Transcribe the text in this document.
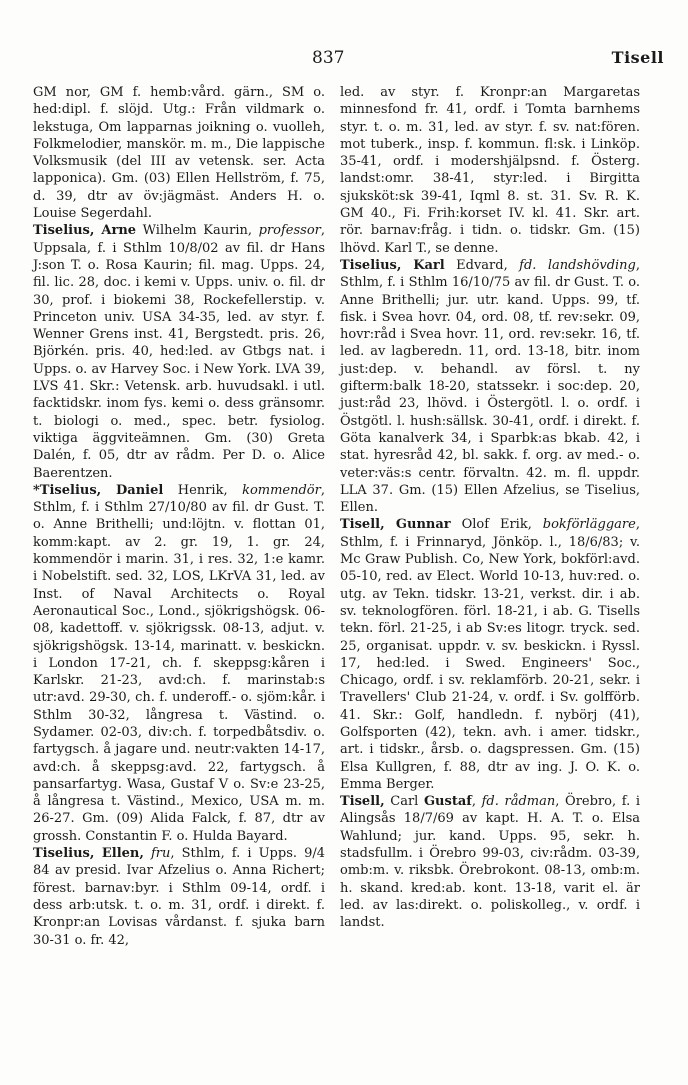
837	Tisell

GM nor, GM f. hemb:vård. gärn., SM o. hed:dipl. f. slöjd. Utg.: Från vildmark o. lekstuga, Om lapparnas joikning o. vuolleh, Folkmelodier, manskör. m. m., Die lappische Volksmusik (del III av vetensk. ser. Acta lapponica). Gm. (03) Ellen Hellström, f. 75, d. 39, dtr av öv:jägmäst. Anders H. o. Louise Segerdahl.

Tiselius, Arne Wilhelm Kaurin, professor, Uppsala, f. i Sthlm 10/8/02 av fil. dr Hans J:son T. o. Rosa Kaurin; fil. mag. Upps. 24, fil. lic. 28, doc. i kemi v. Upps. univ. o. fil. dr 30, prof. i biokemi 38, Rockefellerstip. v. Princeton univ. USA 34-35, led. av styr. f. Wenner Grens inst. 41, Bergstedt. pris. 26, Björkén. pris. 40, hed:led. av Gtbgs nat. i Upps. o. av Harvey Soc. i New York. LVA 39, LVS 41. Skr.: Vetensk. arb. huvudsakl. i utl. facktidskr. inom fys. kemi o. dess gränsomr. t. biologi o. med., spec. betr. fysiolog. viktiga äggviteämnen. Gm. (30) Greta Dalén, f. 05, dtr av rådm. Per D. o. Alice Baerentzen.

*Tiselius, Daniel Henrik, kommendör, Sthlm, f. i Sthlm 27/10/80 av fil. dr Gust. T. o. Anne Brithelli; und:löjtn. v. flottan 01, komm:kapt. av 2. gr. 19, 1. gr. 24, kommendör i marin. 31, i res. 32, 1:e kamr. i Nobelstift. sed. 32, LOS, LKrVA 31, led. av Inst. of Naval Architects o. Royal Aeronautical Soc., Lond., sjökrigshögsk. 06-08, kadettoff. v. sjökrigssk. 08-13, adjut. v. sjökrigshögsk. 13-14, marinatt. v. beskickn. i London 17-21, ch. f. skeppsg:kåren i Karlskr. 21-23, avd:ch. f. marinstab:s utr:avd. 29-30, ch. f. underoff.- o. sjöm:kår. i Sthlm 30-32, långresa t. Västind. o. Sydamer. 02-03, div:ch. f. torpedbåtsdiv. o. fartygsch. å jagare und. neutr:vakten 14-17, avd:ch. å skeppsg:avd. 22, fartygsch. å pansarfartyg. Wasa, Gustaf V o. Sv:e 23-25, å långresa t. Västind., Mexico, USA m. m. 26-27. Gm. (09) Alida Falck, f. 87, dtr av grossh. Constantin F. o. Hulda Bayard.

Tiselius, Ellen, fru, Sthlm, f. i Upps. 9/4 84 av presid. Ivar Afzelius o. Anna Richert; förest. barnav:byr. i Sthlm 09-14, ordf. i dess arb:utsk. t. o. m. 31, ordf. i direkt. f. Kronpr:an Lovisas vårdanst. f. sjuka barn 30-31 o. fr. 42,

led. av styr. f. Kronpr:an Margaretas minnesfond fr. 41, ordf. i Tomta barnhems styr. t. o. m. 31, led. av styr. f. sv. nat:fören. mot tuberk., insp. f. kommun. fl:sk. i Linköp. 35-41, ordf. i modershjälpsnd. f. Österg. landst:omr. 38-41, styr:led. i Birgitta sjuksköt:sk 39-41, Iqml 8. st. 31. Sv. R. K. GM 40., Fi. Frih:korset IV. kl. 41. Skr. art. rör. barnav:fråg. i tidn. o. tidskr. Gm. (15) lhövd. Karl T., se denne.

Tiselius, Karl Edvard, fd. landshövding, Sthlm, f. i Sthlm 16/10/75 av fil. dr Gust. T. o. Anne Brithelli; jur. utr. kand. Upps. 99, tf. fisk. i Svea hovr. 04, ord. 08, tf. rev:sekr. 09, hovr:råd i Svea hovr. 11, ord. rev:sekr. 16, tf. led. av lagberedn. 11, ord. 13-18, bitr. inom just:dep. v. behandl. av försl. t. ny gifterm:balk 18-20, statssekr. i soc:dep. 20, just:råd 23, lhövd. i Östergötl. l. o. ordf. i Östgötl. l. hush:sällsk. 30-41, ordf. i direkt. f. Göta kanalverk 34, i Sparbk:as bkab. 42, i stat. hyresråd 42, bl. sakk. f. org. av med.- o. veter:väs:s centr. förvaltn. 42. m. fl. uppdr. LLA 37. Gm. (15) Ellen Afzelius, se Tiselius, Ellen.

Tisell, Gunnar Olof Erik, bokförläggare, Sthlm, f. i Frinnaryd, Jönköp. l., 18/6/83; v. Mc Graw Publish. Co, New York, bokförl:avd. 05-10, red. av Elect. World 10-13, huv:red. o. utg. av Tekn. tidskr. 13-21, verkst. dir. i ab. sv. teknologfören. förl. 18-21, i ab. G. Tisells tekn. förl. 21-25, i ab Sv:es litogr. tryck. sed. 25, organisat. uppdr. v. sv. beskickn. i Ryssl. 17, hed:led. i Swed. Engineers' Soc., Chicago, ordf. i sv. reklamförb. 20-21, sekr. i Travellers' Club 21-24, v. ordf. i Sv. golfförb. 41. Skr.: Golf, handledn. f. nybörj (41), Golfsporten (42), tekn. avh. i amer. tidskr., art. i tidskr., årsb. o. dagspressen. Gm. (15) Elsa Kullgren, f. 88, dtr av ing. J. O. K. o. Emma Berger.

Tisell, Carl Gustaf, fd. rådman, Örebro, f. i Alingsås 18/7/69 av kapt. H. A. T. o. Elsa Wahlund; jur. kand. Upps. 95, sekr. h. stadsfullm. i Örebro 99-03, civ:rådm. 03-39, omb:m. v. riksbk. Örebrokont. 08-13, omb:m. h. skand. kred:ab. kont. 13-18, varit el. är led. av las:direkt. o. poliskolleg., v. ordf. i landst.
